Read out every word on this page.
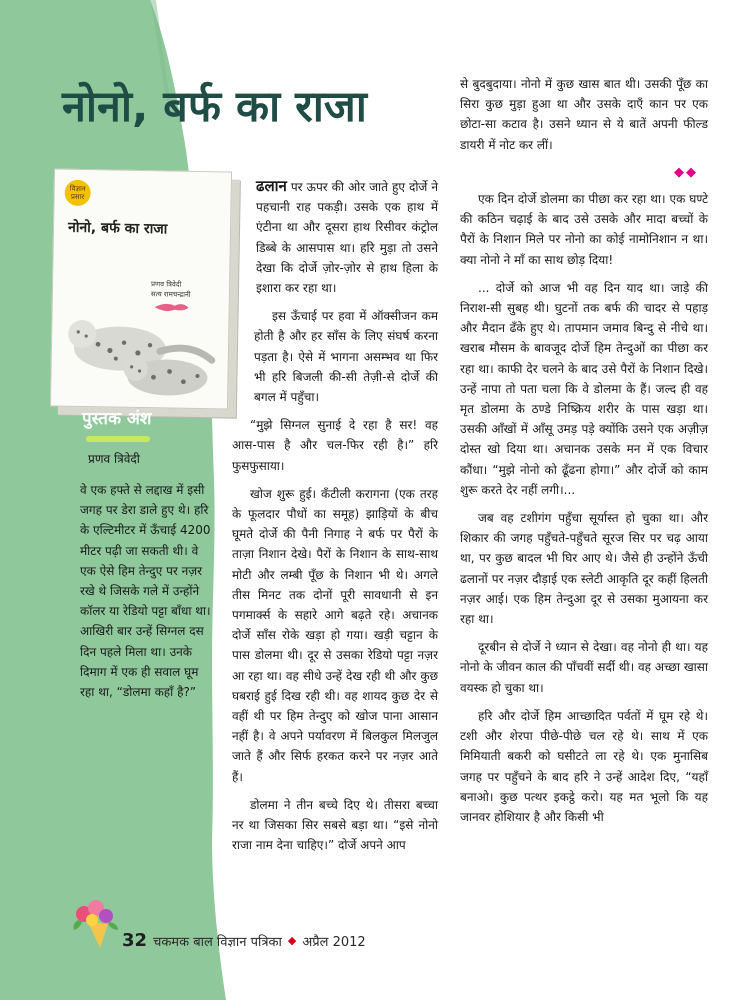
नोनो, बर्फ का राजा
विज्ञान प्रसार
नोनो, बर्फ का राजा
प्रणव त्रिवेदी
सत्य रामचन्द्रानी
पुस्तक अंश
प्रणव त्रिवेदी
वे एक हफ्ते से लद्दाख में इसी जगह पर डेरा डाले हुए थे। हरि के एल्टिमीटर में ऊँचाई 4200 मीटर पढ़ी जा सकती थी। वे एक ऐसे हिम तेन्दुए पर नज़र रखे थे जिसके गले में उन्होंने कॉलर या रेडियो पट्टा बाँधा था। आखिरी बार उन्हें सिग्नल दस दिन पहले मिला था। उनके दिमाग में एक ही सवाल घूम रहा था, “डोलमा कहाँ है?”

ढलान पर ऊपर की ओर जाते हुए दोर्जे ने पहचानी राह पकड़ी। उसके एक हाथ में एंटीना था और दूसरा हाथ रिसीवर कंट्रोल डिब्बे के आसपास था। हरि मुड़ा तो उसने देखा कि दोर्जे ज़ोर-ज़ोर से हाथ हिला के इशारा कर रहा था।

इस ऊँचाई पर हवा में ऑक्सीजन कम होती है और हर साँस के लिए संघर्ष करना पड़ता है। ऐसे में भागना असम्भव था फिर भी हरि बिजली की-सी तेज़ी-से दोर्जे की बगल में पहुँचा।

“मुझे सिग्नल सुनाई दे रहा है सर! वह आस-पास है और चल-फिर रही है।” हरि फुसफुसाया।

खोज शुरू हुई। कँटीली करागना (एक तरह के फूलदार पौधों का समूह) झाड़ियों के बीच घूमते दोर्जे की पैनी निगाह ने बर्फ पर पैरों के ताज़ा निशान देखे। पैरों के निशान के साथ-साथ मोटी और लम्बी पूँछ के निशान भी थे। अगले तीस मिनट तक दोनों पूरी सावधानी से इन पगमार्क्स के सहारे आगे बढ़ते रहे। अचानक दोर्जे साँस रोके खड़ा हो गया। खड़ी चट्टान के पास डोलमा थी। दूर से उसका रेडियो पट्टा नज़र आ रहा था। वह सीधे उन्हें देख रही थी और कुछ घबराई हुई दिख रही थी। वह शायद कुछ देर से वहीं थी पर हिम तेन्दुए को खोज पाना आसान नहीं है। वे अपने पर्यावरण में बिलकुल मिलजुल जाते हैं और सिर्फ हरकत करने पर नज़र आते हैं।

डोलमा ने तीन बच्चे दिए थे। तीसरा बच्चा नर था जिसका सिर सबसे बड़ा था। “इसे नोनो राजा नाम देना चाहिए।” दोर्जे अपने आप

से बुदबुदाया। नोनो में कुछ खास बात थी। उसकी पूँछ का सिरा कुछ मुड़ा हुआ था और उसके दाएँ कान पर एक छोटा-सा कटाव है। उसने ध्यान से ये बातें अपनी फील्ड डायरी में नोट कर लीं।

◆◆

एक दिन दोर्जे डोलमा का पीछा कर रहा था। एक घण्टे की कठिन चढ़ाई के बाद उसे उसके और मादा बच्चों के पैरों के निशान मिले पर नोनो का कोई नामोनिशान न था। क्या नोनो ने माँ का साथ छोड़ दिया!

... दोर्जे को आज भी वह दिन याद था। जाड़े की निराश-सी सुबह थी। घुटनों तक बर्फ की चादर से पहाड़ और मैदान ढँके हुए थे। तापमान जमाव बिन्दु से नीचे था। खराब मौसम के बावजूद दोर्जे हिम तेन्दुओं का पीछा कर रहा था। काफी देर चलने के बाद उसे पैरों के निशान दिखे। उन्हें नापा तो पता चला कि वे डोलमा के हैं। जल्द ही वह मृत डोलमा के ठण्डे निष्क्रिय शरीर के पास खड़ा था। उसकी आँखों में आँसू उमड़ पड़े क्योंकि उसने एक अज़ीज़ दोस्त खो दिया था। अचानक उसके मन में एक विचार कौंधा। “मुझे नोनो को ढूँढना होगा।” और दोर्जे को काम शुरू करते देर नहीं लगी।...

जब वह टशीगंग पहुँचा सूर्यास्त हो चुका था। और शिकार की जगह पहुँचते-पहुँचते सूरज सिर पर चढ़ आया था, पर कुछ बादल भी घिर आए थे। जैसे ही उन्होंने ऊँची ढलानों पर नज़र दौड़ाई एक स्लेटी आकृति दूर कहीं हिलती नज़र आई। एक हिम तेन्दुआ दूर से उसका मुआयना कर रहा था।

दूरबीन से दोर्जे ने ध्यान से देखा। वह नोनो ही था। यह नोनो के जीवन काल की पाँचवीं सर्दी थी। वह अच्छा खासा वयस्क हो चुका था।

हरि और दोर्जे हिम आच्छादित पर्वतों में घूम रहे थे। टशी और शेरपा पीछे-पीछे चल रहे थे। साथ में एक मिमियाती बकरी को घसीटते ला रहे थे। एक मुनासिब जगह पर पहुँचने के बाद हरि ने उन्हें आदेश दिए, “यहाँ बनाओ। कुछ पत्थर इकट्ठे करो। यह मत भूलो कि यह जानवर होशियार है और किसी भी

32 चकमक बाल विज्ञान पत्रिका ◆ अप्रैल 2012
